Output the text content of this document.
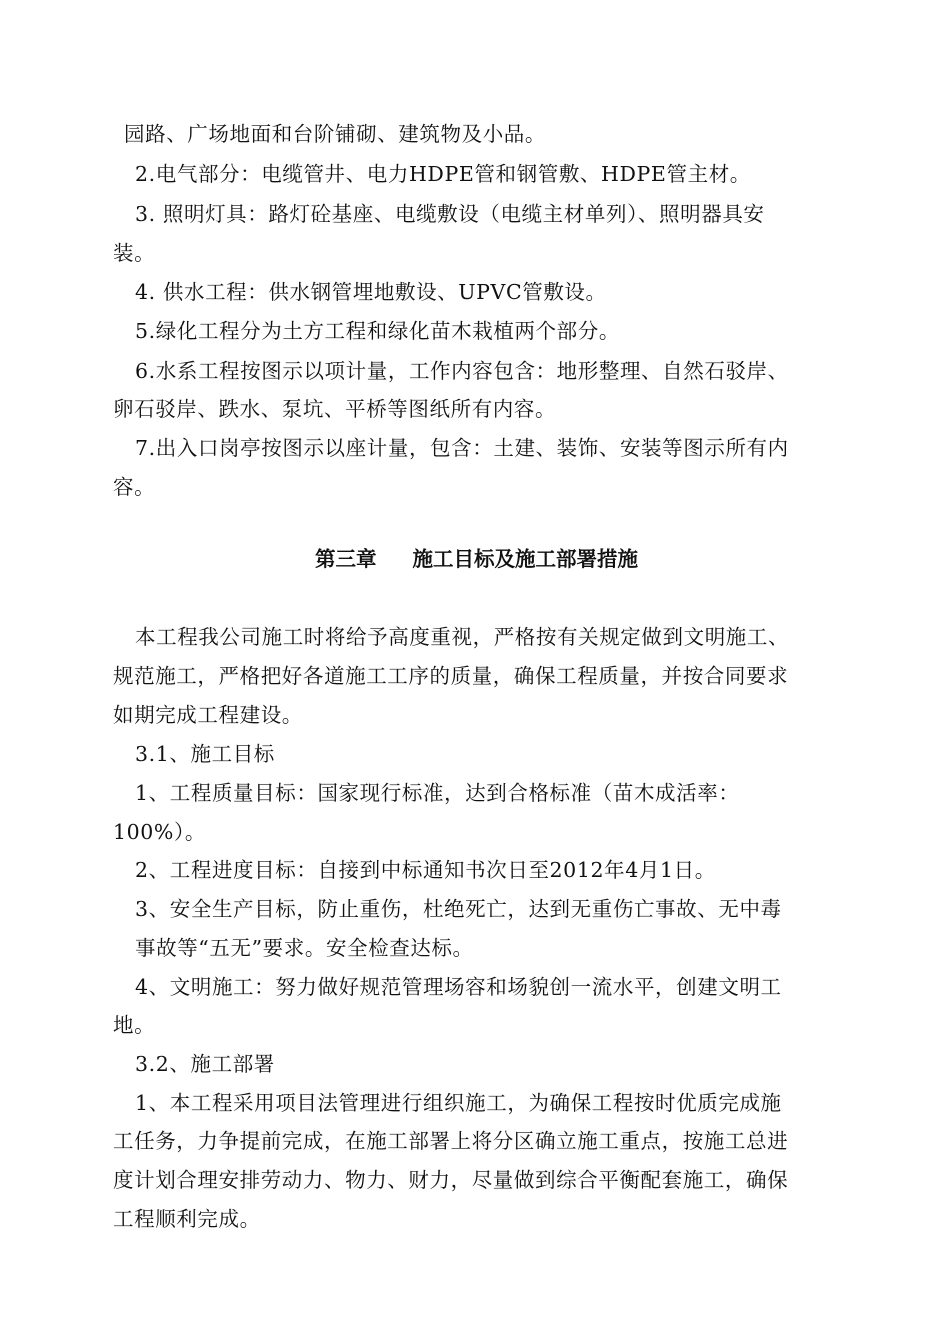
园路、广场地面和台阶铺砌、建筑物及小品。
2.电气部分：电缆管井、电力HDPE管和钢管敷、HDPE管主材。
3. 照明灯具：路灯砼基座、电缆敷设（电缆主材单列）、照明器具安
装。
4. 供水工程：供水钢管埋地敷设、UPVC管敷设。
5.绿化工程分为土方工程和绿化苗木栽植两个部分。
6.水系工程按图示以项计量，工作内容包含：地形整理、自然石驳岸、
卵石驳岸、跌水、泵坑、平桥等图纸所有内容。
7.出入口岗亭按图示以座计量，包含：土建、装饰、安装等图示所有内
容。
第三章 施工目标及施工部署措施
本工程我公司施工时将给予高度重视，严格按有关规定做到文明施工、
规范施工，严格把好各道施工工序的质量，确保工程质量，并按合同要求
如期完成工程建设。
3.1、施工目标
1、工程质量目标：国家现行标准，达到合格标准（苗木成活率：
100%）。
2、工程进度目标：自接到中标通知书次日至2012年4月1日。
3、安全生产目标，防止重伤，杜绝死亡，达到无重伤亡事故、无中毒
事故等“五无”要求。安全检查达标。
4、文明施工：努力做好规范管理场容和场貌创一流水平，创建文明工
地。
3.2、施工部署
1、本工程采用项目法管理进行组织施工，为确保工程按时优质完成施
工任务，力争提前完成，在施工部署上将分区确立施工重点，按施工总进
度计划合理安排劳动力、物力、财力，尽量做到综合平衡配套施工，确保
工程顺利完成。
